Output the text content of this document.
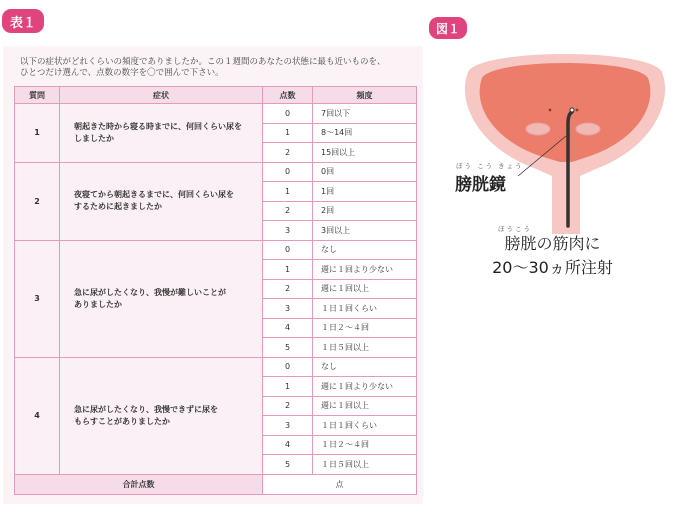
表１	図１
以下の症状がどれくらいの頻度でありましたか。この１週間のあなたの状態に最も近いものを、
ひとつだけ選んで、点数の数字を〇で囲んで下さい。
質問	症状	点数	頻度
1	朝起きた時から寝る時までに、何回くらい尿を
しましたか	0	7回以下
		1	8〜14回
		2	15回以上
2	夜寝てから朝起きるまでに、何回くらい尿を
するために起きましたか	0	0回
		1	1回
		2	2回
		3	3回以上
3	急に尿がしたくなり、我慢が難しいことが
ありましたか	0	なし
		1	週に１回より少ない
		2	週に１回以上
		3	１日１回くらい
		4	１日２〜４回
		5	１日５回以上
4	急に尿がしたくなり、我慢できずに尿を
もらすことがありましたか	0	なし
		1	週に１回より少ない
		2	週に１回以上
		3	１日１回くらい
		4	１日２〜４回
		5	１日５回以上
合計点数		点	
ぼう こう きょう
膀胱鏡
ぼうこう
膀胱の筋肉に
20〜30ヵ所注射
